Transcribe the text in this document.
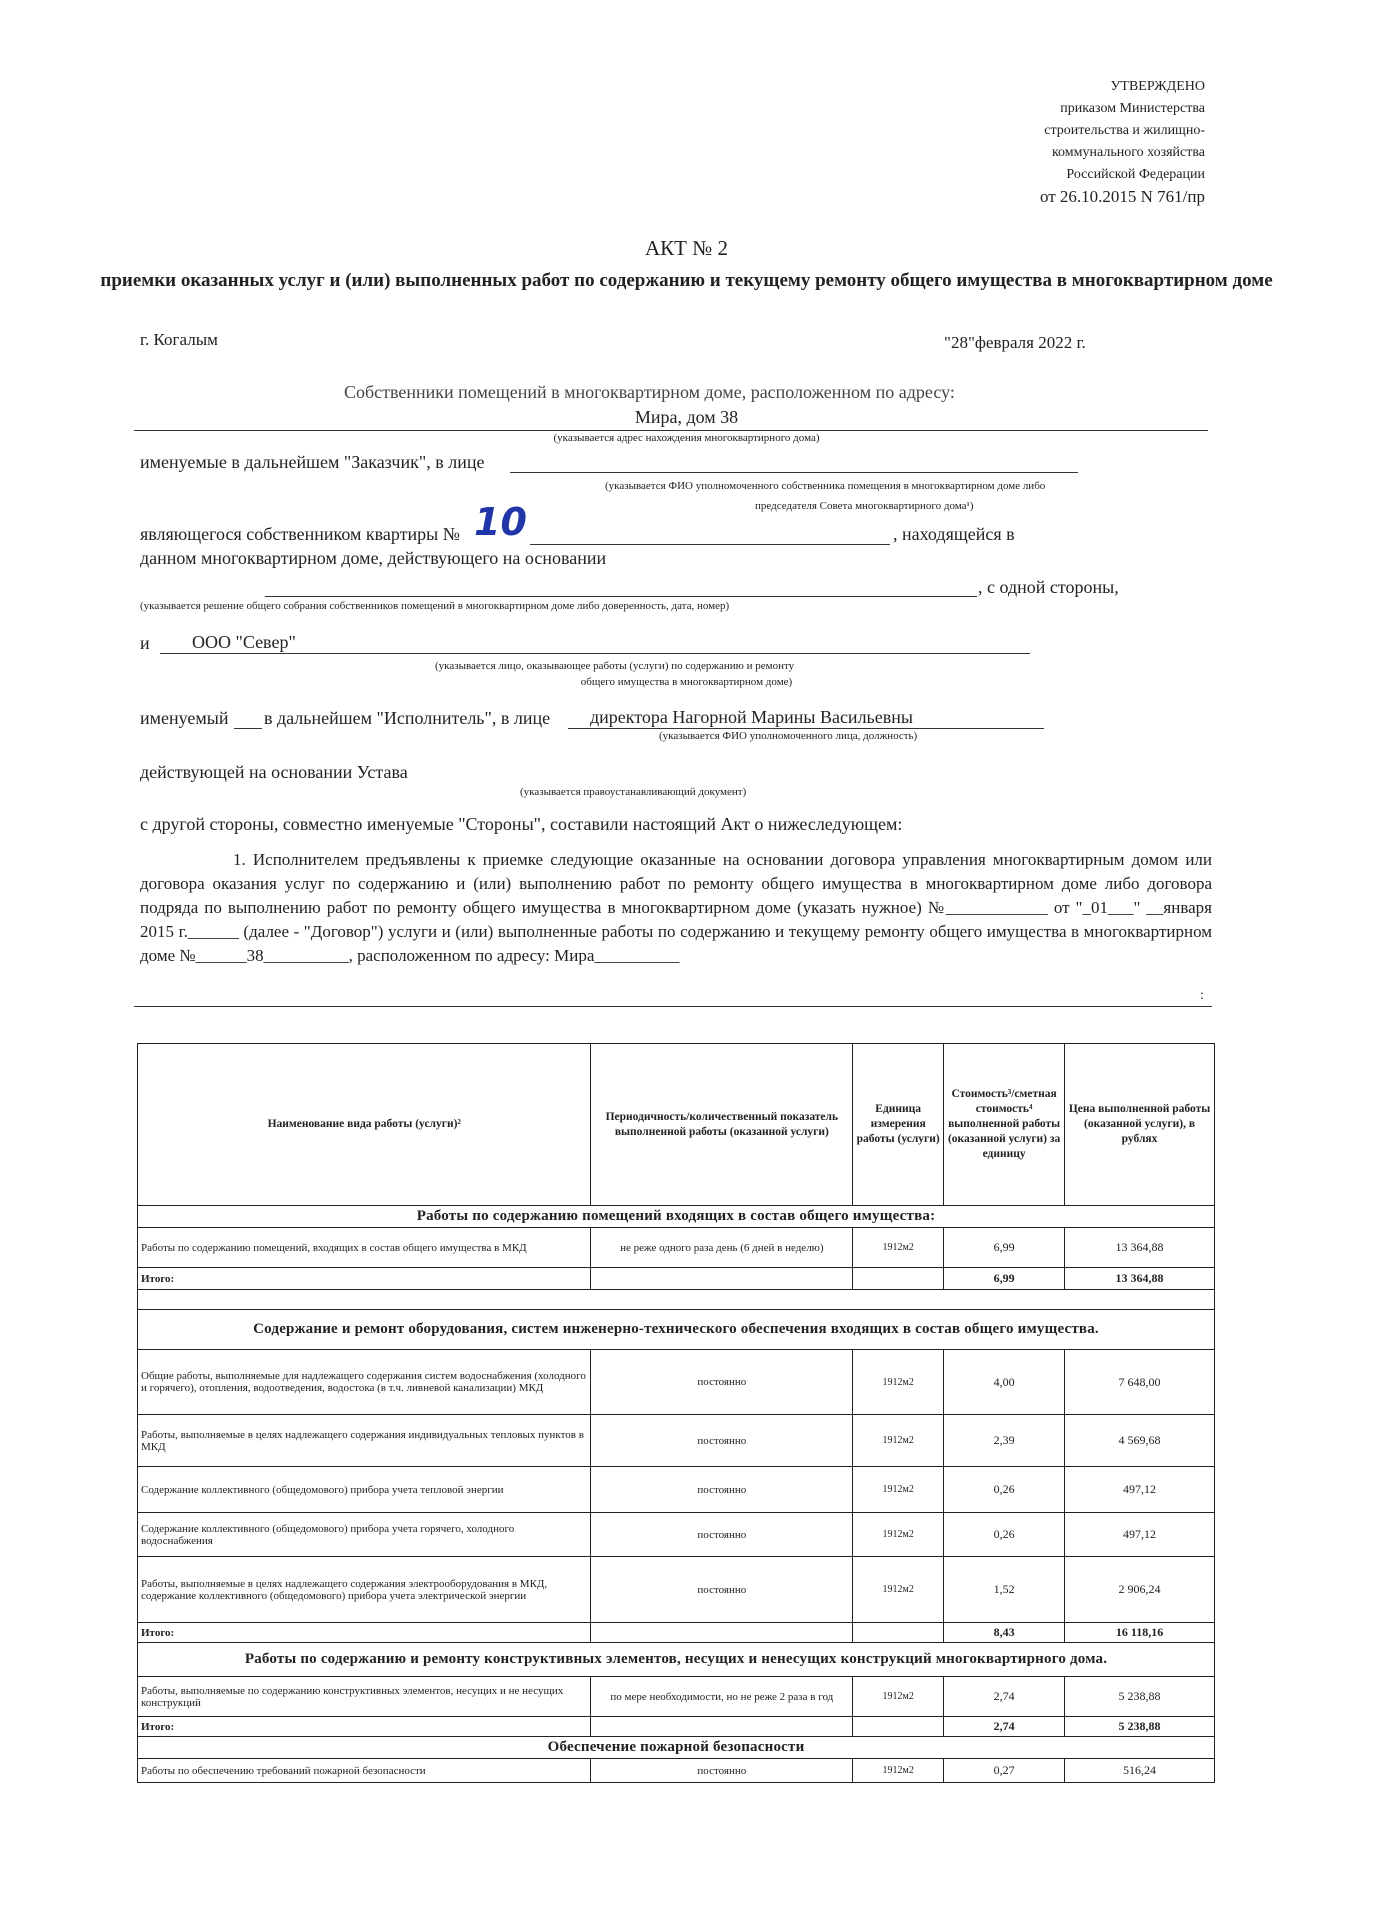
УТВЕРЖДЕНО
приказом Министерства
строительства и жилищно-
коммунального хозяйства
Российской Федерации
от 26.10.2015 N 761/пр
АКТ № 2
приемки оказанных услуг и (или) выполненных работ по содержанию и текущему ремонту общего имущества в многоквартирном доме
г. Когалым	"28"февраля 2022 г.
Собственники помещений в многоквартирном доме, расположенном по адресу:
Мира, дом 38
(указывается адрес нахождения многоквартирного дома)
именуемые в дальнейшем "Заказчик", в лице
(указывается ФИО уполномоченного собственника помещения в многоквартирном доме либо
председателя Совета многоквартирного дома¹)
являющегося собственником квартиры № 10	, находящейся в
данном многоквартирном доме, действующего на основании
, с одной стороны,
(указывается решение общего собрания собственников помещений в многоквартирном доме либо доверенность, дата, номер)
и ООО "Север"
(указывается лицо, оказывающее работы (услуги) по содержанию и ремонту
общего имущества в многоквартирном доме)
именуемый в дальнейшем "Исполнитель", в лице директора Нагорной Марины Васильевны
(указывается ФИО уполномоченного лица, должность)
действующей на основании Устава
(указывается правоустанавливающий документ)
с другой стороны, совместно именуемые "Стороны", составили настоящий Акт о нижеследующем:

1. Исполнителем предъявлены к приемке следующие оказанные на основании договора управления многоквартирным домом или договора оказания услуг по содержанию и (или) выполнению работ по ремонту общего имущества в многоквартирном доме либо договора подряда по выполнению работ по ремонту общего имущества в многоквартирном доме (указать нужное) №____________ от "_01___" __января 2015 г.______ (далее - "Договор") услуги и (или) выполненные работы по содержанию и текущему ремонту общего имущества в многоквартирном доме №______38__________, расположенном по адресу: Мира__________

:
Наименование вида работы (услуги)²	Периодичность/количественный показатель выполненной работы (оказанной услуги)	Единица измерения работы (услуги)	Стоимость³/сметная стоимость⁴ выполненной работы (оказанной услуги) за единицу	Цена выполненной работы (оказанной услуги), в рублях
Работы по содержанию помещений входящих в состав общего имущества:				
Работы по содержанию помещений, входящих в состав общего имущества в МКД	не реже одного раза день (6 дней в неделю)	1912м2	6,99	13 364,88
Итого:			6,99	13 364,88

Содержание и ремонт оборудования, систем инженерно-технического обеспечения входящих в состав общего имущества.				
Общие работы, выполняемые для надлежащего содержания систем водоснабжения (холодного и горячего), отопления, водоотведения, водостока (в т.ч. ливневой канализации) МКД	постоянно	1912м2	4,00	7 648,00
Работы, выполняемые в целях надлежащего содержания индивидуальных тепловых пунктов в МКД	постоянно	1912м2	2,39	4 569,68
Содержание коллективного (общедомового) прибора учета тепловой энергии	постоянно	1912м2	0,26	497,12
Содержание коллективного (общедомового) прибора учета горячего, холодного водоснабжения	постоянно	1912м2	0,26	497,12
Работы, выполняемые в целях надлежащего содержания электрооборудования в МКД, содержание коллективного (общедомового) прибора учета электрической энергии	постоянно	1912м2	1,52	2 906,24
Итого:			8,43	16 118,16
Работы по содержанию и ремонту конструктивных элементов, несущих и ненесущих конструкций многоквартирного дома.				
Работы, выполняемые по содержанию конструктивных элементов, несущих и не несущих конструкций	по мере необходимости, но не реже 2 раза в год	1912м2	2,74	5 238,88
Итого:			2,74	5 238,88
Обеспечение пожарной безопасности				
Работы по обеспечению требований пожарной безопасности	постоянно	1912м2	0,27	516,24
